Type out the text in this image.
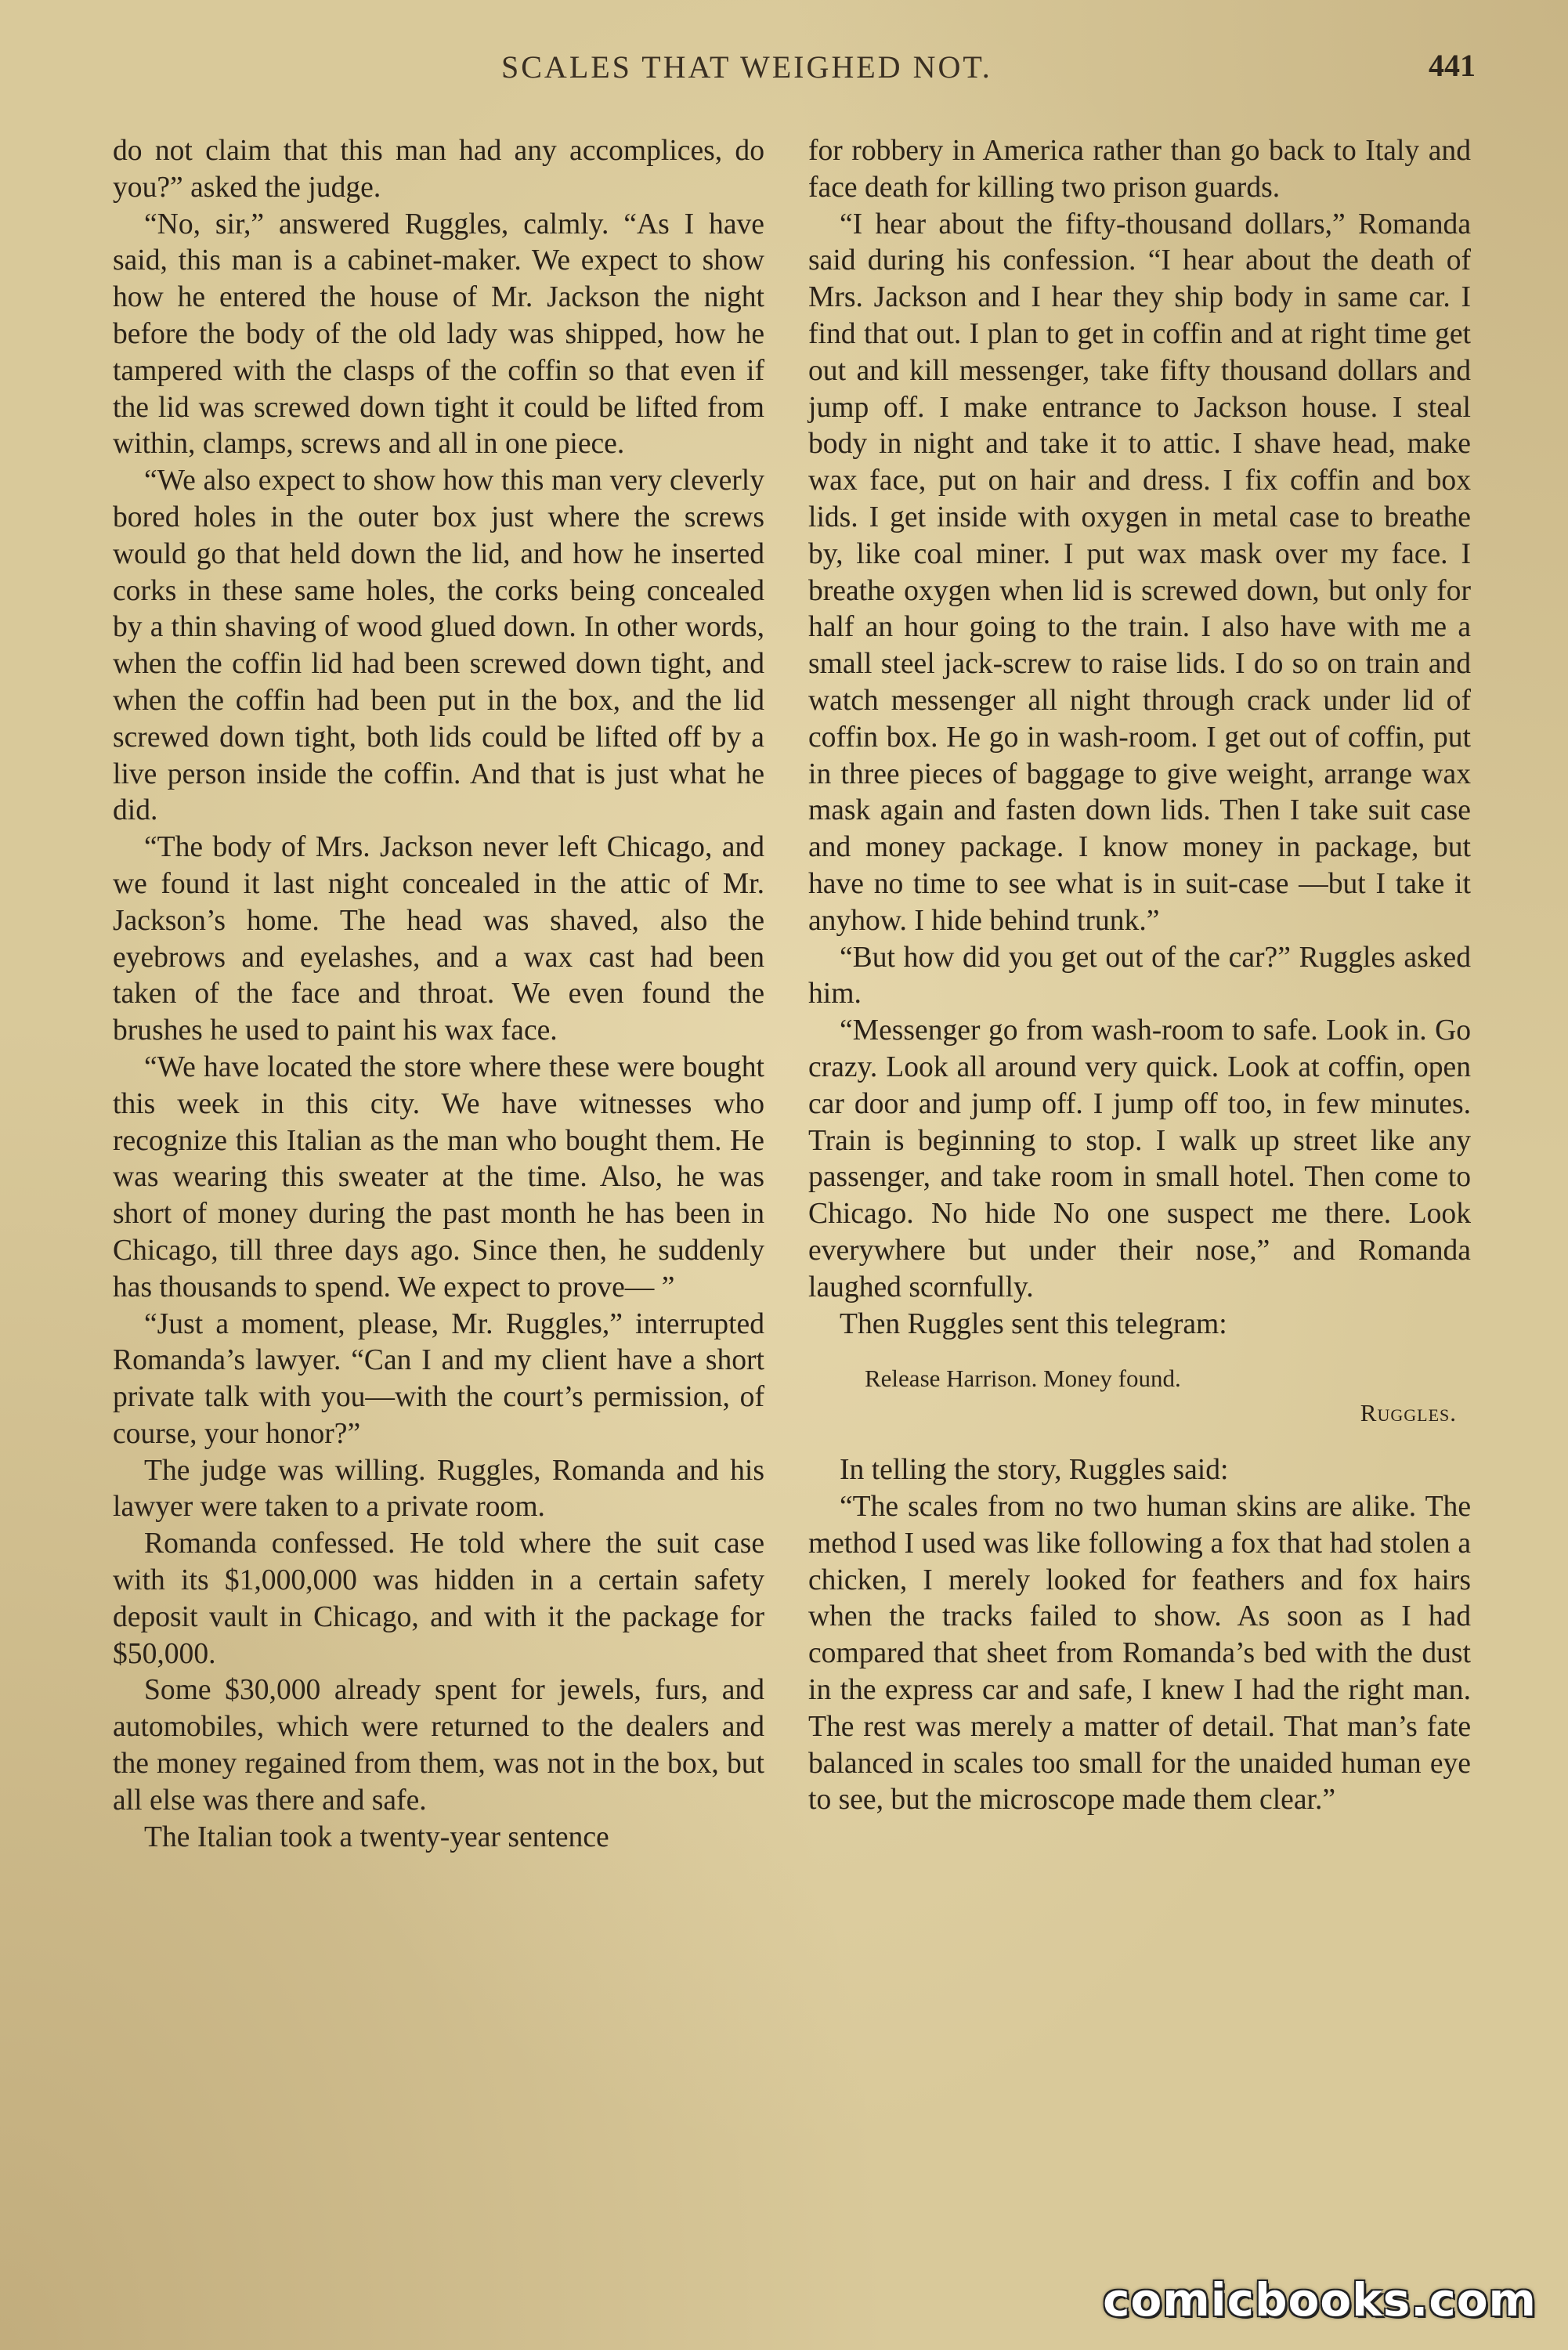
SCALES THAT WEIGHED NOT.	441

do not claim that this man had any accomplices, do you?” asked the judge.

“No, sir,” answered Ruggles, calmly. “As I have said, this man is a cabinet-maker. We expect to show how he entered the house of Mr. Jackson the night before the body of the old lady was shipped, how he tampered with the clasps of the coffin so that even if the lid was screwed down tight it could be lifted from within, clamps, screws and all in one piece.

“We also expect to show how this man very cleverly bored holes in the outer box just where the screws would go that held down the lid, and how he inserted corks in these same holes, the corks being concealed by a thin shaving of wood glued down. In other words, when the coffin lid had been screwed down tight, and when the coffin had been put in the box, and the lid screwed down tight, both lids could be lifted off by a live person inside the coffin. And that is just what he did.

“The body of Mrs. Jackson never left Chicago, and we found it last night concealed in the attic of Mr. Jackson’s home. The head was shaved, also the eyebrows and eyelashes, and a wax cast had been taken of the face and throat. We even found the brushes he used to paint his wax face.

“We have located the store where these were bought this week in this city. We have witnesses who recognize this Italian as the man who bought them. He was wearing this sweater at the time. Also, he was short of money during the past month he has been in Chicago, till three days ago. Since then, he suddenly has thousands to spend. We expect to prove— ”

“Just a moment, please, Mr. Ruggles,” interrupted Romanda’s lawyer. “Can I and my client have a short private talk with you—with the court’s permission, of course, your honor?”

The judge was willing. Ruggles, Romanda and his lawyer were taken to a private room.

Romanda confessed. He told where the suit case with its $1,000,000 was hidden in a certain safety deposit vault in Chicago, and with it the package for $50,000.

Some $30,000 already spent for jewels, furs, and automobiles, which were returned to the dealers and the money regained from them, was not in the box, but all else was there and safe.

The Italian took a twenty-year sentence

for robbery in America rather than go back to Italy and face death for killing two prison guards.

“I hear about the fifty-thousand dollars,” Romanda said during his confession. “I hear about the death of Mrs. Jackson and I hear they ship body in same car. I find that out. I plan to get in coffin and at right time get out and kill messenger, take fifty thousand dollars and jump off. I make entrance to Jackson house. I steal body in night and take it to attic. I shave head, make wax face, put on hair and dress. I fix coffin and box lids. I get inside with oxygen in metal case to breathe by, like coal miner. I put wax mask over my face. I breathe oxygen when lid is screwed down, but only for half an hour going to the train. I also have with me a small steel jack-screw to raise lids. I do so on train and watch messenger all night through crack under lid of coffin box. He go in wash-room. I get out of coffin, put in three pieces of baggage to give weight, arrange wax mask again and fasten down lids. Then I take suit case and money package. I know money in package, but have no time to see what is in suit-case —but I take it anyhow. I hide behind trunk.”

“But how did you get out of the car?” Ruggles asked him.

“Messenger go from wash-room to safe. Look in. Go crazy. Look all around very quick. Look at coffin, open car door and jump off. I jump off too, in few minutes. Train is beginning to stop. I walk up street like any passenger, and take room in small hotel. Then come to Chicago. No hide No one suspect me there. Look everywhere but under their nose,” and Romanda laughed scornfully.

Then Ruggles sent this telegram:

Release Harrison. Money found.
Ruggles.

In telling the story, Ruggles said:

“The scales from no two human skins are alike. The method I used was like following a fox that had stolen a chicken, I merely looked for feathers and fox hairs when the tracks failed to show. As soon as I had compared that sheet from Romanda’s bed with the dust in the express car and safe, I knew I had the right man. The rest was merely a matter of detail. That man’s fate balanced in scales too small for the unaided human eye to see, but the microscope made them clear.”

comicbooks.com
